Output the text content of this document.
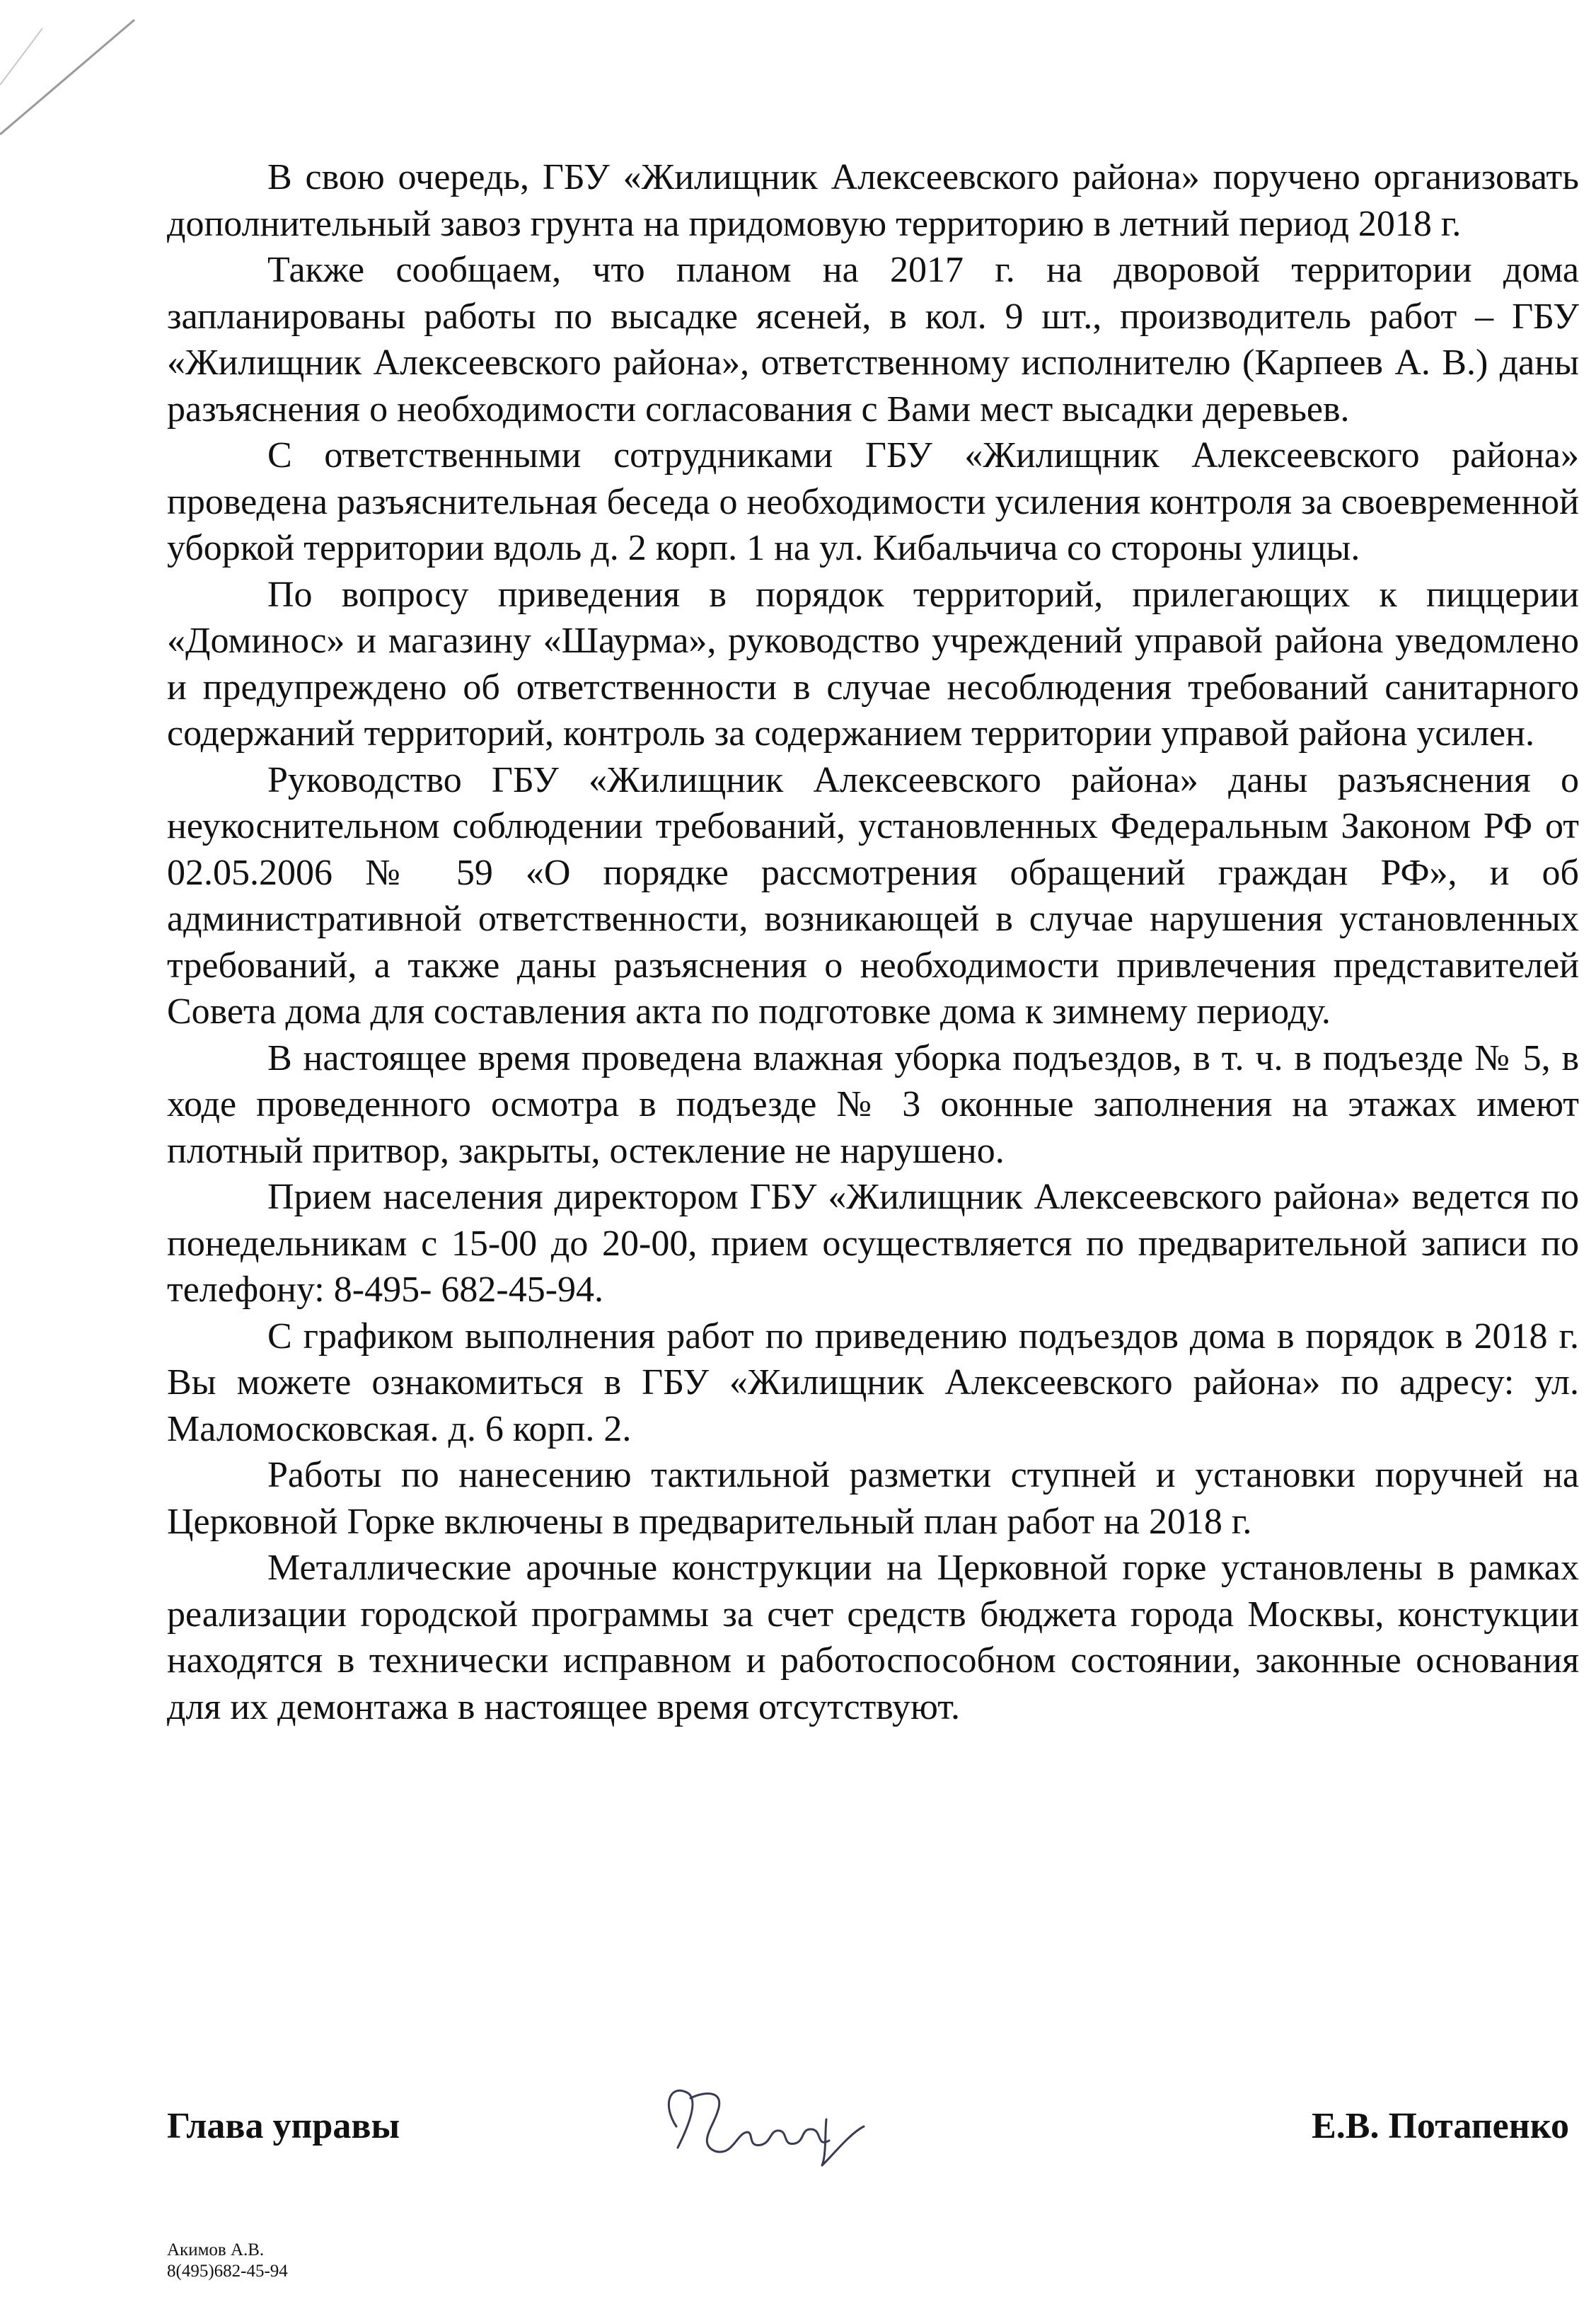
В свою очередь, ГБУ «Жилищник Алексеевского района» поручено организовать дополнительный завоз грунта на придомовую территорию в летний период 2018 г.

Также сообщаем, что планом на 2017 г. на дворовой территории дома запланированы работы по высадке ясеней, в кол. 9 шт., производитель работ – ГБУ «Жилищник Алексеевского района», ответственному исполнителю (Карпеев А. В.) даны разъяснения о необходимости согласования с Вами мест высадки деревьев.

С ответственными сотрудниками ГБУ «Жилищник Алексеевского района» проведена разъяснительная беседа о необходимости усиления контроля за своевременной уборкой территории вдоль д. 2 корп. 1 на ул. Кибальчича со стороны улицы.

По вопросу приведения в порядок территорий, прилегающих к пиццерии «Доминос» и магазину «Шаурма», руководство учреждений управой района уведомлено и предупреждено об ответственности в случае несоблюдения требований санитарного содержаний территорий, контроль за содержанием территории управой района усилен.

Руководство ГБУ «Жилищник Алексеевского района» даны разъяснения о неукоснительном соблюдении требований, установленных Федеральным Законом РФ от 02.05.2006 № 59 «О порядке рассмотрения обращений граждан РФ», и об административной ответственности, возникающей в случае нарушения установленных требований, а также даны разъяснения о необходимости привлечения представителей Совета дома для составления акта по подготовке дома к зимнему периоду.

В настоящее время проведена влажная уборка подъездов, в т. ч. в подъезде № 5, в ходе проведенного осмотра в подъезде № 3 оконные заполнения на этажах имеют плотный притвор, закрыты, остекление не нарушено.

Прием населения директором ГБУ «Жилищник Алексеевского района» ведется по понедельникам с 15-00 до 20-00, прием осуществляется по предварительной записи по телефону: 8-495- 682-45-94.

С графиком выполнения работ по приведению подъездов дома в порядок в 2018 г. Вы можете ознакомиться в ГБУ «Жилищник Алексеевского района» по адресу: ул. Маломосковская. д. 6 корп. 2.

Работы по нанесению тактильной разметки ступней и установки поручней на Церковной Горке включены в предварительный план работ на 2018 г.

Металлические арочные конструкции на Церковной горке установлены в рамках реализации городской программы за счет средств бюджета города Москвы, констукции находятся в технически исправном и работоспособном состоянии, законные основания для их демонтажа в настоящее время отсутствуют.

Глава управы	Е.В. Потапенко
Акимов А.В.
8(495)682-45-94
